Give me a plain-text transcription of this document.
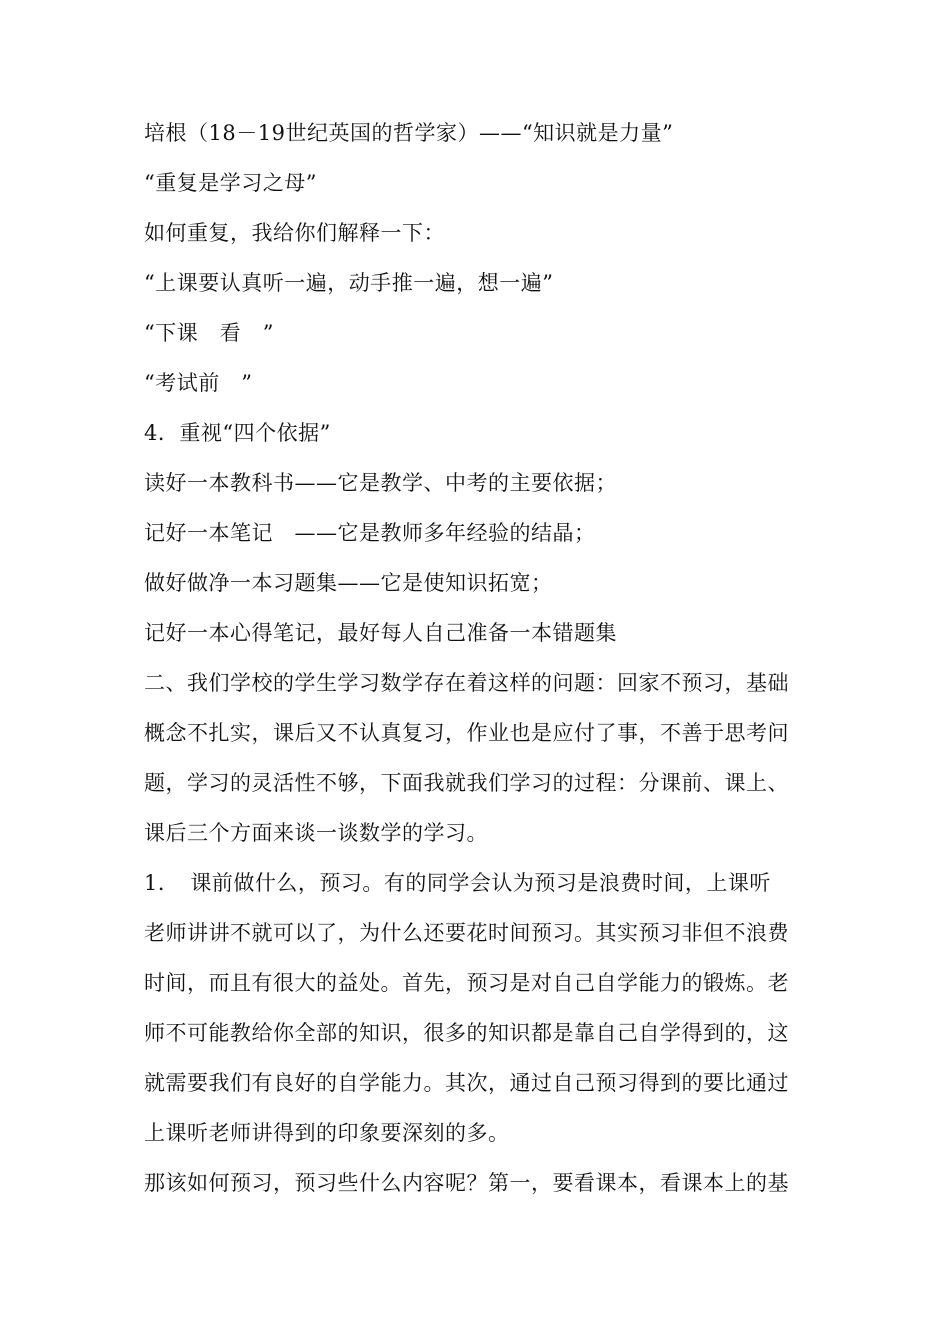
培根（18－19世纪英国的哲学家）——“知识就是力量”
“重复是学习之母”
如何重复，我给你们解释一下：
“上课要认真听一遍，动手推一遍，想一遍”
“下课　看　”
“考试前　”
4．重视“四个依据”
读好一本教科书——它是教学、中考的主要依据；
记好一本笔记　——它是教师多年经验的结晶；
做好做净一本习题集——它是使知识拓宽；
记好一本心得笔记，最好每人自己准备一本错题集
二、我们学校的学生学习数学存在着这样的问题：回家不预习，基础
概念不扎实，课后又不认真复习，作业也是应付了事，不善于思考问
题，学习的灵活性不够，下面我就我们学习的过程：分课前、课上、
课后三个方面来谈一谈数学的学习。
1．　课前做什么，预习。有的同学会认为预习是浪费时间，上课听
老师讲讲不就可以了，为什么还要花时间预习。其实预习非但不浪费
时间，而且有很大的益处。首先，预习是对自己自学能力的锻炼。老
师不可能教给你全部的知识，很多的知识都是靠自己自学得到的，这
就需要我们有良好的自学能力。其次，通过自己预习得到的要比通过
上课听老师讲得到的印象要深刻的多。
那该如何预习，预习些什么内容呢？第一，要看课本，看课本上的基
